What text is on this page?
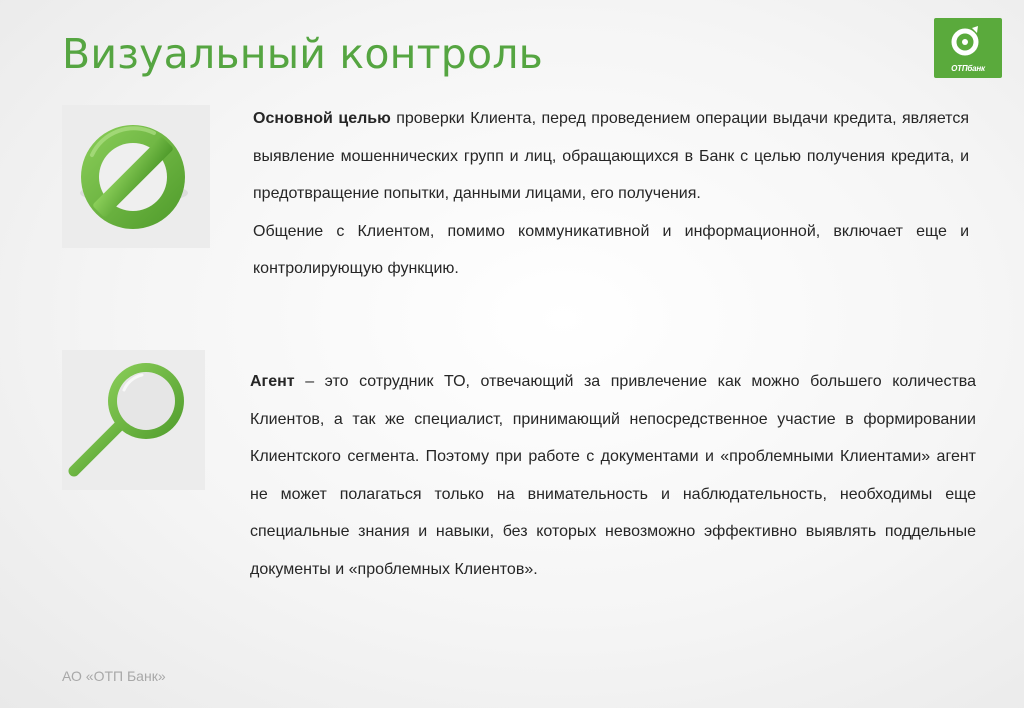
Визуальный контроль	ОТПбанк
Основной целью проверки Клиента, перед проведением операции выдачи кредита, является выявление мошеннических групп и лиц, обращающихся в Банк с целью получения кредита, и предотвращение попытки, данными лицами, его получения.
Общение с Клиентом, помимо коммуникативной и информационной, включает еще и контролирующую функцию.
Агент – это сотрудник ТО, отвечающий за привлечение как можно большего количества Клиентов, а так же специалист, принимающий непосредственное участие в формировании Клиентского сегмента. Поэтому при работе с документами и «проблемными Клиентами» агент не может полагаться только на внимательность и наблюдательность, необходимы еще специальные знания и навыки, без которых невозможно эффективно выявлять поддельные документы и «проблемных Клиентов».
АО «ОТП Банк»
